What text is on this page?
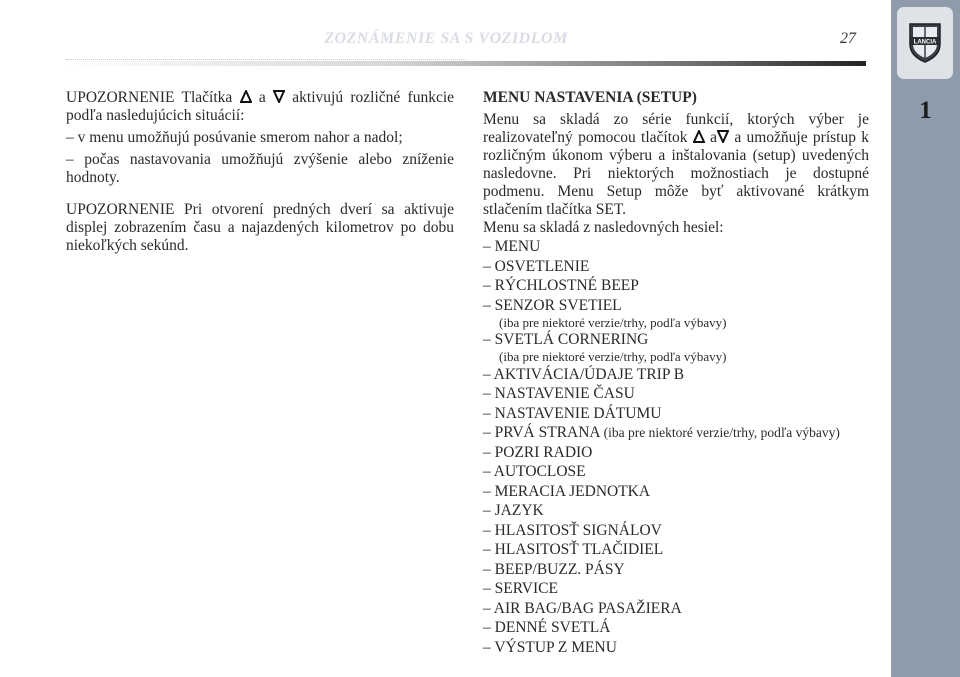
ZOZNÁMENIE SA S VOZIDLOM	27	LANCIA
1

UPOZORNENIE Tlačítka a aktivujú rozličné funkcie podľa nasledujúcich situácií:

– v menu umožňujú posúvanie smerom nahor a nadol;

– počas nastavovania umožňujú zvýšenie alebo zníženie hodnoty.

UPOZORNENIE Pri otvorení predných dverí sa aktivuje displej zobrazením času a najazdených kilometrov po dobu niekoľkých sekúnd.

MENU NASTAVENIA (SETUP)

Menu sa skladá zo série funkcií, ktorých výber je realizovateľný pomocou tlačítok a a umožňuje prístup k rozličným úkonom výberu a inštalovania (setup) uvedených nasledovne. Pri niektorých možnostiach je dostupné podmenu. Menu Setup môže byť aktivované krátkym stlačením tlačítka SET.

Menu sa skladá z nasledovných hesiel:

– MENU
– OSVETLENIE
– RÝCHLOSTNÉ BEEP
– SENZOR SVETIEL
(iba pre niektoré verzie/trhy, podľa výbavy)
– SVETLÁ CORNERING
(iba pre niektoré verzie/trhy, podľa výbavy)
– AKTIVÁCIA/ÚDAJE TRIP B
– NASTAVENIE ČASU
– NASTAVENIE DÁTUMU
– PRVÁ STRANA (iba pre niektoré verzie/trhy, podľa výbavy)
– POZRI RADIO
– AUTOCLOSE
– MERACIA JEDNOTKA
– JAZYK
– HLASITOSŤ SIGNÁLOV
– HLASITOSŤ TLAČIDIEL
– BEEP/BUZZ. PÁSY
– SERVICE
– AIR BAG/BAG PASAŽIERA
– DENNÉ SVETLÁ
– VÝSTUP Z MENU
